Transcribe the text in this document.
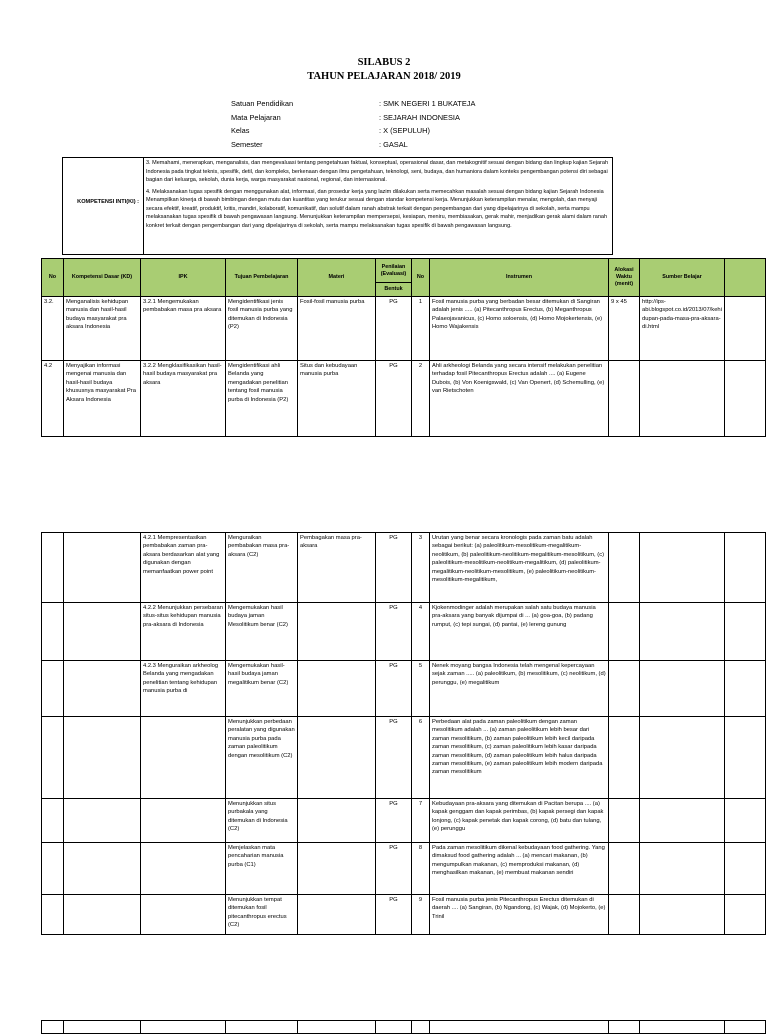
SILABUS 2
TAHUN PELAJARAN 2018/ 2019
Satuan Pendidikan	: SMK NEGERI 1 BUKATEJA
Mata Pelajaran	: SEJARAH INDONESIA
Kelas	: X (SEPULUH)
Semester	: GASAL
KOMPETENSI INTI(KI) :

3. Memahami, menerapkan, menganalisis, dan mengevaluasi tentang pengetahuan faktual, konseptual, operasional dasar, dan metakognitif sesuai dengan bidang dan lingkup kajian Sejarah Indonesia pada tingkat teknis, spesifik, detil, dan kompleks, berkenaan dengan ilmu pengetahuan, teknologi, seni, budaya, dan humaniora dalam konteks pengembangan potensi diri sebagai bagian dari keluarga, sekolah, dunia kerja, warga masyarakat nasional, regional, dan internasional.

4. Melaksanakan tugas spesifik dengan menggunakan alat, informasi, dan prosedur kerja yang lazim dilakukan serta memecahkan masalah sesuai dengan bidang kajian Sejarah Indonesia Menampilkan kinerja di bawah bimbingan dengan mutu dan kuantitas yang terukur sesuai dengan standar kompetensi kerja. Menunjukkan keterampilan menalar, mengolah, dan menyaji secara efektif, kreatif, produktif, kritis, mandiri, kolaboratif, komunikatif, dan solutif dalam ranah abstrak terkait dengan pengembangan dari yang dipelajarinya di sekolah, serta mampu melaksanakan tugas spesifik di bawah pengawasan langsung. Menunjukkan keterampilan mempersepsi, kesiapan, meniru, membiasakan, gerak mahir, menjadikan gerak alami dalam ranah konkret terkait dengan pengembangan dari yang dipelajarinya di sekolah, serta mampu melaksanakan tugas spesifik di bawah pengawasan langsung.

No	Kompetensi Dasar (KD)	IPK	Tujuan Pembelajaran	Materi	Penilaian (Evaluasi)	No	Instrumen	Alokasi Waktu (menit)	Sumber Belajar	
					Bentuk					
3.2.	Menganalisis kehidupan manusia dan hasil-hasil budaya masyarakat pra aksara Indonesia	3.2.1 Mengemukakan pembabakan masa pra aksara	Mengidentifikasi jenis fosil manusia purba yang ditemukan di Indonesia (P2)	Fosil-fosil manusia purba	PG	1	Fosil manusia purba yang berbadan besar ditemukan di Sangiran adalah jenis ..... (a) Pitecanthropus Erectus, (b) Meganthropus Palaeojavanicus, (c) Homo soloensis, (d) Homo Mojokertensis, (e) Homo Wajakensis	9 x 45	http://ips-abi.blogspot.co.id/2013/07/kehidupan-pada-masa-pra-aksara-di.html	
4.2	Menyajikan informasi mengenai manusia dan hasil-hasil budaya khususnya masyarakat Pra Aksara Indonesia	3.2.2 Mengklasifikasikan hasil-hasil budaya masyarakat pra aksara	Mengidentifikasi ahli Belanda yang mengadakan penelitian tentang fosil manusia purba di Indonesia (P2)	Situs dan kebudayaan manusia purba	PG	2	Ahli arkheologi Belanda yang secara intensif melakukan penelitian terhadap fosil Pitecanthropus Erectus adalah .... (a) Eugene Dubois, (b) Von Koenigswald, (c) Van Openert, (d) Schemulling, (e) van Rietschoten			
		4.2.1 Mempresentasikan pembabakan zaman pra-aksara berdasarkan alat yang digunakan dengan memanfaatkan power point	Menguraikan pembabakan masa pra-aksara (C2)	Pembagakan masa pra-aksara	PG	3	Urutan yang benar secara kronologis pada zaman batu adalah sebagai berikut: (a) paleolitikum-mesolitikum-megalitikum-neolitikum, (b) paleolitikum-neolitikum-megalitikum-mesolitikum, (c) paleolitikum-mesolitikum-neolitikum-megalitikum, (d) paleolitikum-megalitikum-neolitikum-mesolitikum, (e) paleolitikum-neolitikum-mesolitikum-megalitikum,			
		4.2.2 Menunjukkan persebaran situs-situs kehidupan manusia pra-aksara di Indonesia	Mengemukakan hasil budaya jaman Mesolitikum benar (C2)		PG	4	Kjokenmodinger adalah merupakan salah satu budaya manusia pra-aksara yang banyak dijumpai di ... (a) goa-goa, (b) padang rumput, (c) tepi sungai, (d) pantai, (e) lereng gunung			
		4.2.3 Menguraikan arkheolog Belanda yang mengadakan penelitian tentang kehidupan manusia purba di	Mengemukakan hasil-hasil budaya jaman megalitikum benar (C2)		PG	5	Nenek moyang bangsa Indonesia telah mengenal kepercayaan sejak zaman ..... (a) paleolitikum, (b) mesolitikum, (c) neolitikum, (d) perunggu, (e) megalitikum			
			Menunjukkan perbedaan peralatan yang digunakan manusia purba pada zaman paleolitikum dengan mesolitikum (C2)		PG	6	Perbedaan alat pada zaman paleolitikum dengan zaman mesolitikum adalah ... (a) zaman paleolitikum lebih besar dari zaman mesolitikum, (b) zaman paleolitikum lebih kecil daripada zaman mesolitikum, (c) zaman paleolitikum lebih kasar daripada zaman mesolitikum, (d) zaman paleolitikum lebih halus daripada zaman mesolitikum, (e) zaman paleolitikum lebih modern daripada zaman mesolitikum			
			Menunjukkan situs purbakala yang ditemukan di Indonesia (C2)		PG	7	Kebudayaan pra-aksara yang ditemukan di Pacitan berupa .... (a) kapak genggam dan kapak perimbas, (b) kapak persegi dan kapak lonjong, (c) kapak penetak dan kapak corong, (d) batu dan tulang,(e) perunggu			
			Menjelaskan mata pencaharian manusia purba (C1)		PG	8	Pada zaman mesolitikum dikenal kebudayaan food gathering. Yang dimaksud food gathering adalah ... (a) mencari makanan, (b) mengumpulkan makanan, (c) memproduksi makanan, (d) menghasilkan makanan, (e) membuat makanan sendiri			
			Menunjukkan tempat ditemukan fosil pitecanthropus erectus (C2)		PG	9	Fosil manusia purba jenis Pitecanthropus Erectus ditemukan di daerah .... (a) Sangiran, (b) Ngandong, (c) Wajak, (d) Mojokerto, (e) Trinil			
